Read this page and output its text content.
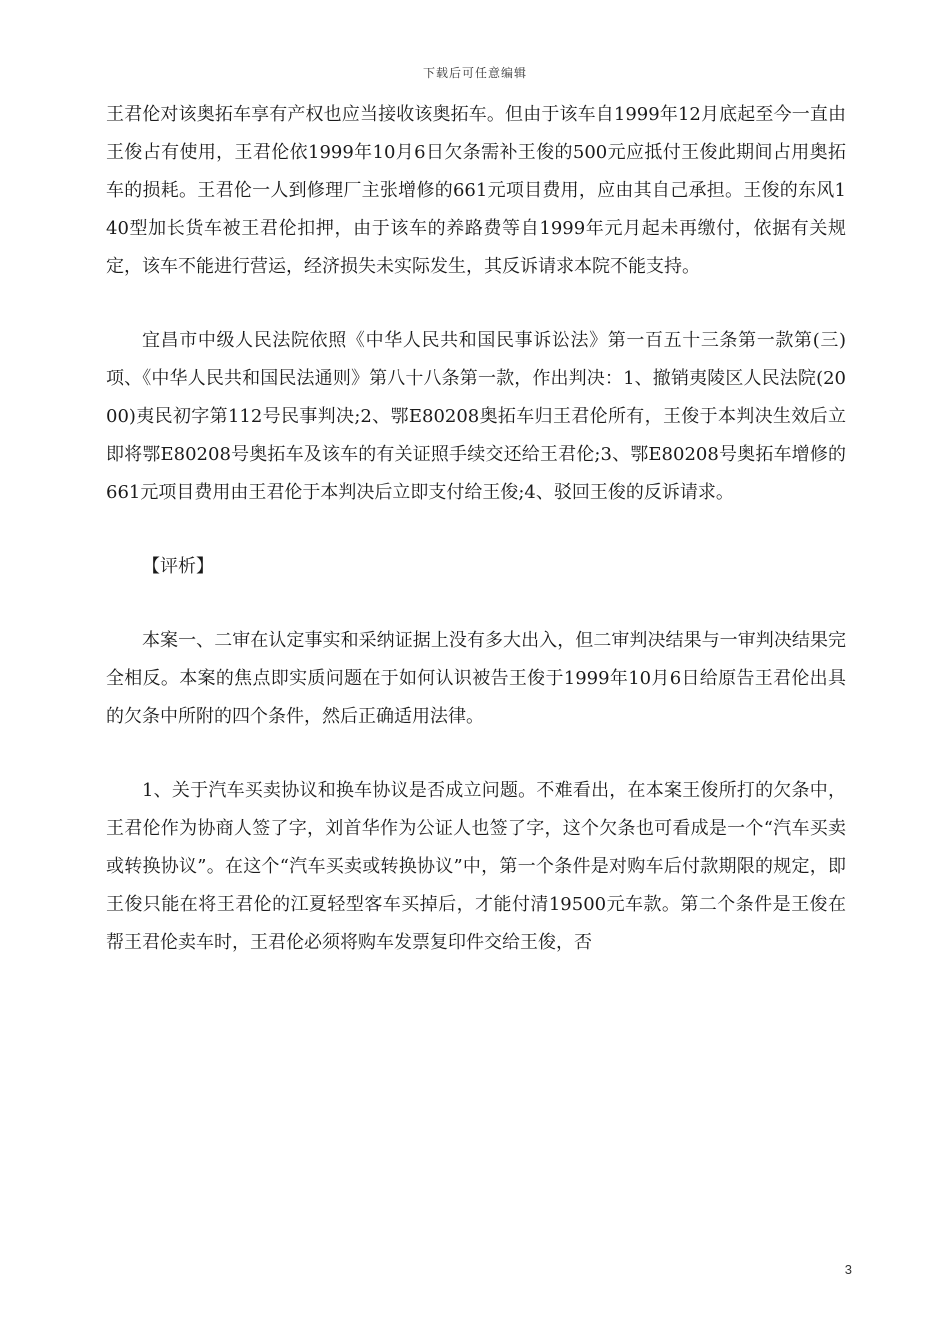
下载后可任意编辑

王君伦对该奥拓车享有产权也应当接收该奥拓车。但由于该车自1999年12月底起至今一直由王俊占有使用，王君伦依1999年10月6日欠条需补王俊的500元应抵付王俊此期间占用奥拓车的损耗。王君伦一人到修理厂主张增修的661元项目费用，应由其自己承担。王俊的东风140型加长货车被王君伦扣押，由于该车的养路费等自1999年元月起未再缴付，依据有关规定，该车不能进行营运，经济损失未实际发生，其反诉请求本院不能支持。

宜昌市中级人民法院依照《中华人民共和国民事诉讼法》第一百五十三条第一款第(三)项、《中华人民共和国民法通则》第八十八条第一款，作出判决：1、撤销夷陵区人民法院(2000)夷民初字第112号民事判决;2、鄂E80208奥拓车归王君伦所有，王俊于本判决生效后立即将鄂E80208号奥拓车及该车的有关证照手续交还给王君伦;3、鄂E80208号奥拓车增修的661元项目费用由王君伦于本判决后立即支付给王俊;4、驳回王俊的反诉请求。

【评析】

本案一、二审在认定事实和采纳证据上没有多大出入，但二审判决结果与一审判决结果完全相反。本案的焦点即实质问题在于如何认识被告王俊于1999年10月6日给原告王君伦出具的欠条中所附的四个条件，然后正确适用法律。

1、关于汽车买卖协议和换车协议是否成立问题。不难看出，在本案王俊所打的欠条中，王君伦作为协商人签了字，刘首华作为公证人也签了字，这个欠条也可看成是一个“汽车买卖或转换协议”。在这个“汽车买卖或转换协议”中，第一个条件是对购车后付款期限的规定，即王俊只能在将王君伦的江夏轻型客车买掉后，才能付清19500元车款。第二个条件是王俊在帮王君伦卖车时，王君伦必须将购车发票复印件交给王俊，否

3
